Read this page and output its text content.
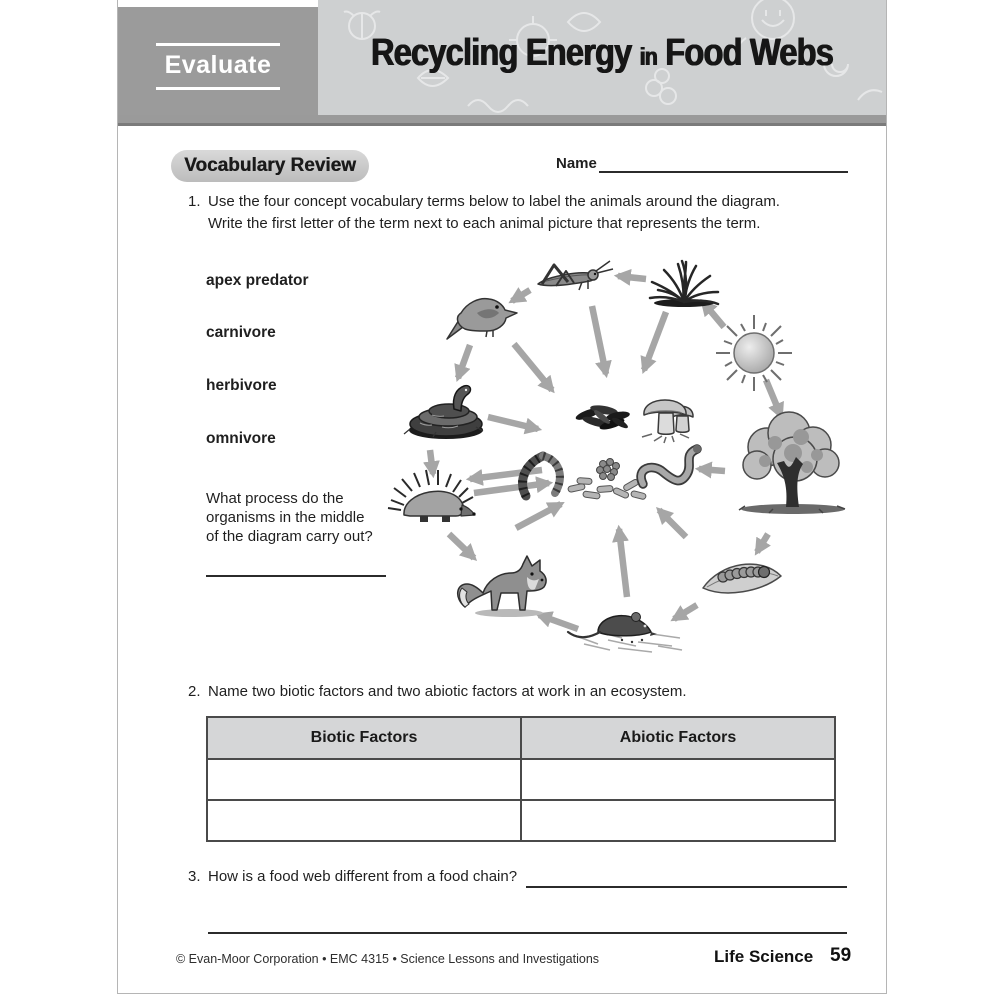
Evaluate	Recycling Energy in Food Webs
Vocabulary Review	Name
1. Use the four concept vocabulary terms below to label the animals around the diagram.
Write the first letter of the term next to each animal picture that represents the term.
apex predator
carnivore
herbivore
omnivore
What process do the
organisms in the middle
of the diagram carry out?
2. Name two biotic factors and two abiotic factors at work in an ecosystem.
Biotic Factors	Abiotic Factors

3. How is a food web different from a food chain?
© Evan-Moor Corporation • EMC 4315 • Science Lessons and Investigations	Life Science 59
